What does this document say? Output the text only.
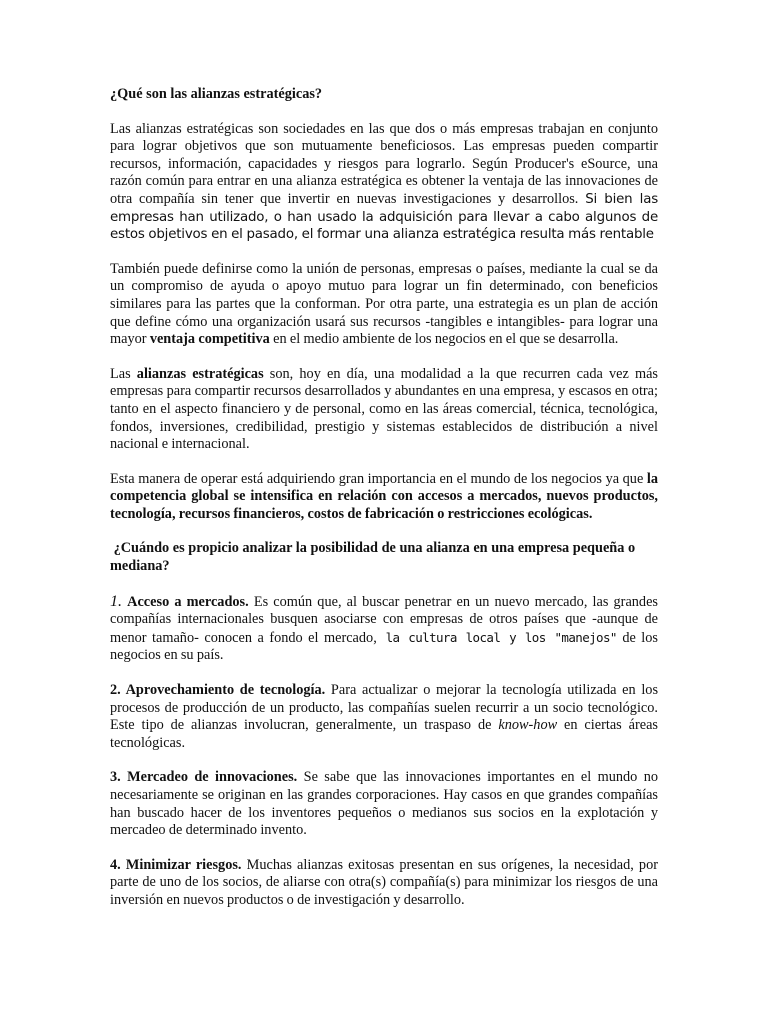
¿Qué son las alianzas estratégicas?

Las alianzas estratégicas son sociedades en las que dos o más empresas trabajan en conjunto para lograr objetivos que son mutuamente beneficiosos. Las empresas pueden compartir recursos, información, capacidades y riesgos para lograrlo. Según Producer's eSource, una razón común para entrar en una alianza estratégica es obtener la ventaja de las innovaciones de otra compañía sin tener que invertir en nuevas investigaciones y desarrollos. Si bien las empresas han utilizado, o han usado la adquisición para llevar a cabo algunos de estos objetivos en el pasado, el formar una alianza estratégica resulta más rentable

También puede definirse como la unión de personas, empresas o países, mediante la cual se da un compromiso de ayuda o apoyo mutuo para lograr un fin determinado, con beneficios similares para las partes que la conforman. Por otra parte, una estrategia es un plan de acción que define cómo una organización usará sus recursos -tangibles e intangibles- para lograr una mayor ventaja competitiva en el medio ambiente de los negocios en el que se desarrolla.

Las alianzas estratégicas son, hoy en día, una modalidad a la que recurren cada vez más empresas para compartir recursos desarrollados y abundantes en una empresa, y escasos en otra; tanto en el aspecto financiero y de personal, como en las áreas comercial, técnica, tecnológica, fondos, inversiones, credibilidad, prestigio y sistemas establecidos de distribución a nivel nacional e internacional.

Esta manera de operar está adquiriendo gran importancia en el mundo de los negocios ya que la competencia global se intensifica en relación con accesos a mercados, nuevos productos, tecnología, recursos financieros, costos de fabricación o restricciones ecológicas.

¿Cuándo es propicio analizar la posibilidad de una alianza en una empresa pequeña o mediana?

1. Acceso a mercados. Es común que, al buscar penetrar en un nuevo mercado, las grandes compañías internacionales busquen asociarse con empresas de otros países que -aunque de menor tamaño- conocen a fondo el mercado, la cultura local y los "manejos" de los negocios en su país.

2. Aprovechamiento de tecnología. Para actualizar o mejorar la tecnología utilizada en los procesos de producción de un producto, las compañías suelen recurrir a un socio tecnológico. Este tipo de alianzas involucran, generalmente, un traspaso de know-how en ciertas áreas tecnológicas.

3. Mercadeo de innovaciones. Se sabe que las innovaciones importantes en el mundo no necesariamente se originan en las grandes corporaciones. Hay casos en que grandes compañías han buscado hacer de los inventores pequeños o medianos sus socios en la explotación y mercadeo de determinado invento.

4. Minimizar riesgos. Muchas alianzas exitosas presentan en sus orígenes, la necesidad, por parte de uno de los socios, de aliarse con otra(s) compañía(s) para minimizar los riesgos de una inversión en nuevos productos o de investigación y desarrollo.
